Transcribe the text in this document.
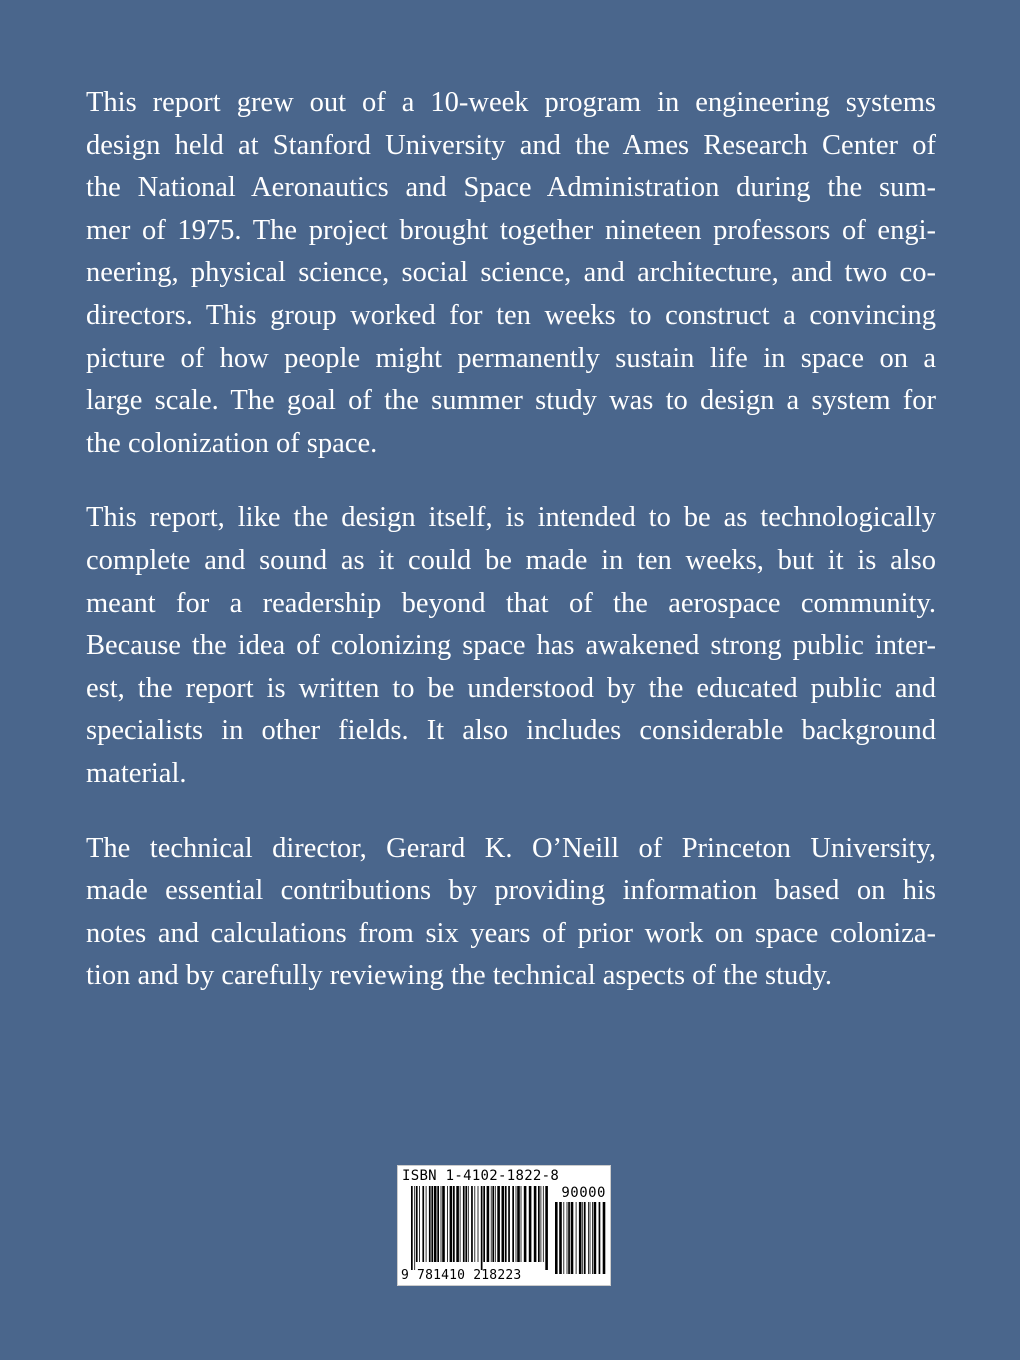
This report grew out of a 10-week program in engineering systems
design held at Stanford University and the Ames Research Center of
the National Aeronautics and Space Administration during the sum-
mer of 1975. The project brought together nineteen professors of engi-
neering, physical science, social science, and architecture, and two co-
directors. This group worked for ten weeks to construct a convincing
picture of how people might permanently sustain life in space on a
large scale. The goal of the summer study was to design a system for
the colonization of space.

This report, like the design itself, is intended to be as technologically
complete and sound as it could be made in ten weeks, but it is also
meant for a readership beyond that of the aerospace community.
Because the idea of colonizing space has awakened strong public inter-
est, the report is written to be understood by the educated public and
specialists in other fields. It also includes considerable background
material.

The technical director, Gerard K. O’Neill of Princeton University,
made essential contributions by providing information based on his
notes and calculations from six years of prior work on space coloniza-
tion and by carefully reviewing the technical aspects of the study.

ISBN 1-4102-1822-8
90000
9 781410 218223
